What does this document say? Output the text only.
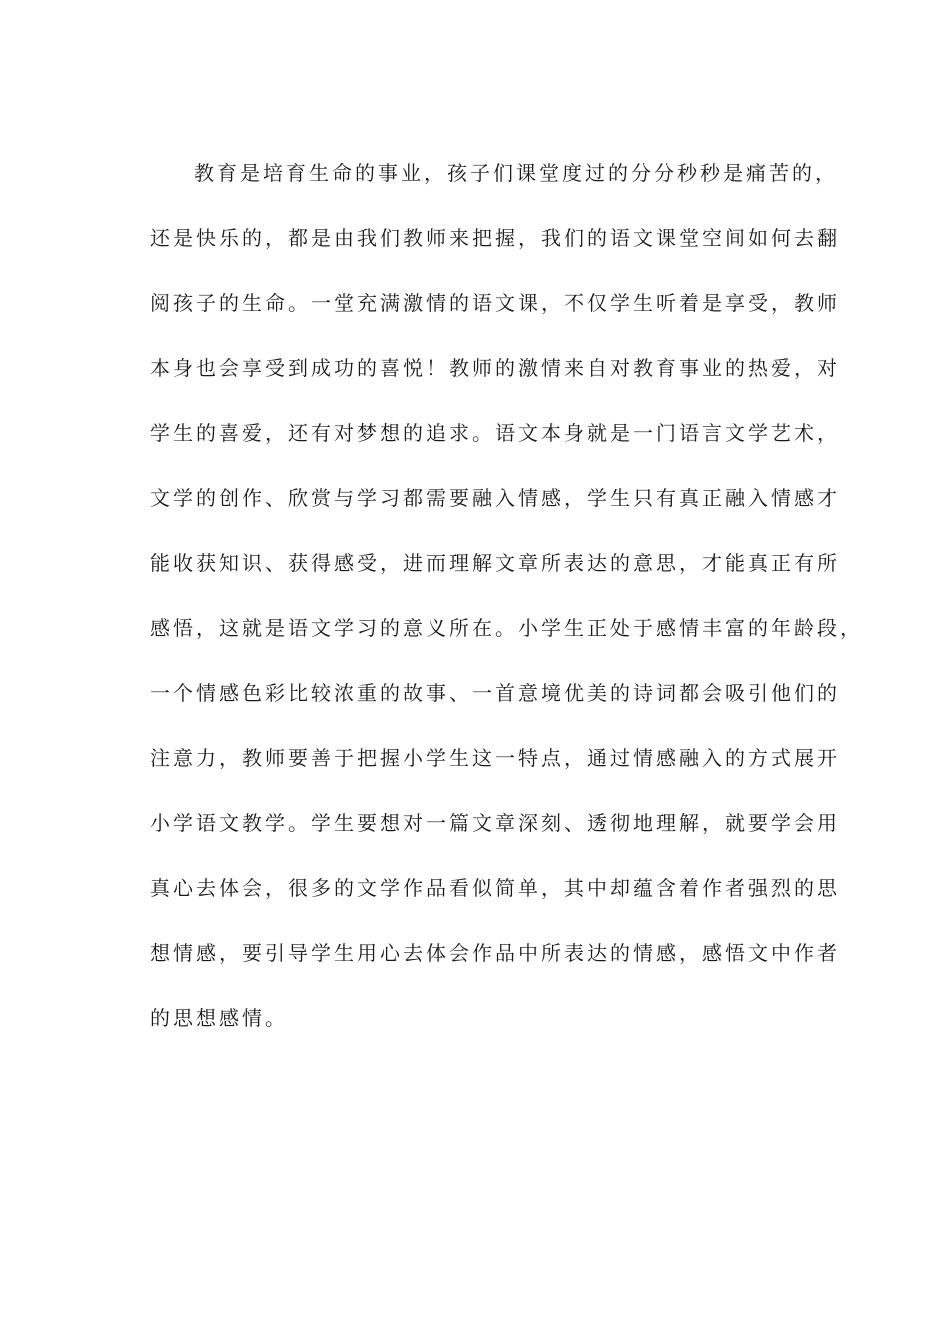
教育是培育生命的事业，孩子们课堂度过的分分秒秒是痛苦的，
还是快乐的，都是由我们教师来把握，我们的语文课堂空间如何去翻
阅孩子的生命。一堂充满激情的语文课，不仅学生听着是享受，教师
本身也会享受到成功的喜悦！教师的激情来自对教育事业的热爱，对
学生的喜爱，还有对梦想的追求。语文本身就是一门语言文学艺术，
文学的创作、欣赏与学习都需要融入情感，学生只有真正融入情感才
能收获知识、获得感受，进而理解文章所表达的意思，才能真正有所
感悟，这就是语文学习的意义所在。小学生正处于感情丰富的年龄段，
一个情感色彩比较浓重的故事、一首意境优美的诗词都会吸引他们的
注意力，教师要善于把握小学生这一特点，通过情感融入的方式展开
小学语文教学。学生要想对一篇文章深刻、透彻地理解，就要学会用
真心去体会，很多的文学作品看似简单，其中却蕴含着作者强烈的思
想情感，要引导学生用心去体会作品中所表达的情感，感悟文中作者
的思想感情。
